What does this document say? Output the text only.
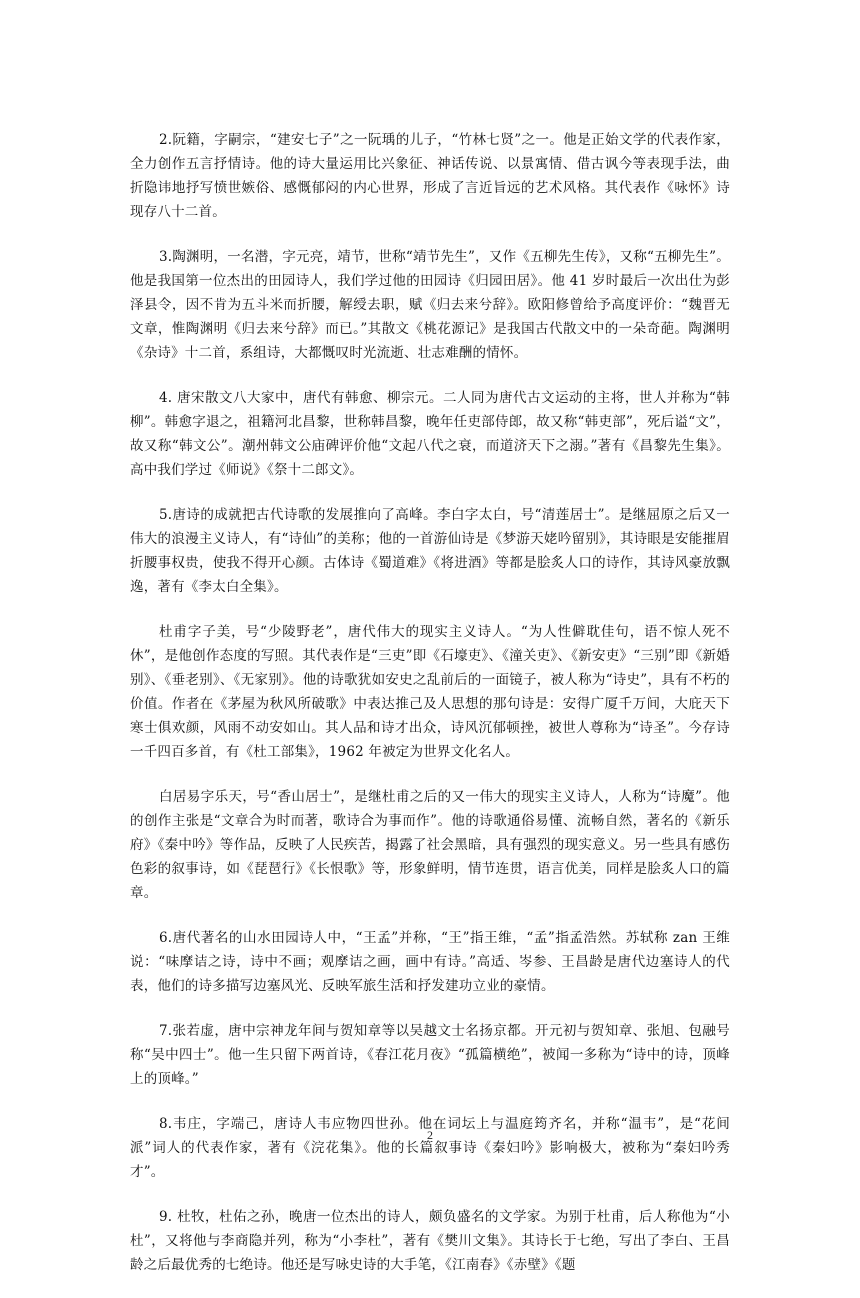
2.阮籍，字嗣宗，“建安七子”之一阮瑀的儿子，“竹林七贤”之一。他是正始文学的代表作家，全力创作五言抒情诗。他的诗大量运用比兴象征、神话传说、以景寓情、借古讽今等表现手法，曲折隐讳地抒写愤世嫉俗、感慨郁闷的内心世界，形成了言近旨远的艺术风格。其代表作《咏怀》诗现存八十二首。

3.陶渊明，一名潜，字元亮，靖节，世称“靖节先生”，又作《五柳先生传》，又称“五柳先生”。他是我国第一位杰出的田园诗人，我们学过他的田园诗《归园田居》。他 41 岁时最后一次出仕为彭泽县令，因不肯为五斗米而折腰，解绶去职，赋《归去来兮辞》。欧阳修曾给予高度评价：“魏晋无文章，惟陶渊明《归去来兮辞》而已。”其散文《桃花源记》是我国古代散文中的一朵奇葩。陶渊明《杂诗》十二首，系组诗，大都慨叹时光流逝、壮志难酬的情怀。

4. 唐宋散文八大家中，唐代有韩愈、柳宗元。二人同为唐代古文运动的主将，世人并称为“韩柳”。韩愈字退之，祖籍河北昌黎，世称韩昌黎，晚年任吏部侍郎，故又称“韩吏部”，死后谥“文”，故又称“韩文公”。潮州韩文公庙碑评价他“文起八代之衰，而道济天下之溺。”著有《昌黎先生集》。高中我们学过《师说》《祭十二郎文》。

5.唐诗的成就把古代诗歌的发展推向了高峰。李白字太白，号“清莲居士”。是继屈原之后又一伟大的浪漫主义诗人，有“诗仙”的美称；他的一首游仙诗是《梦游天姥吟留别》，其诗眼是安能摧眉折腰事权贵，使我不得开心颜。古体诗《蜀道难》《将进酒》等都是脍炙人口的诗作，其诗风豪放飘逸，著有《李太白全集》。

杜甫字子美，号“少陵野老”，唐代伟大的现实主义诗人。“为人性僻耽佳句，语不惊人死不休”，是他创作态度的写照。其代表作是“三吏”即《石壕吏》、《潼关吏》、《新安吏》“三别”即《新婚别》、《垂老别》、《无家别》。他的诗歌犹如安史之乱前后的一面镜子，被人称为“诗史”，具有不朽的价值。作者在《茅屋为秋风所破歌》中表达推己及人思想的那句诗是：安得广厦千万间，大庇天下寒士俱欢颜，风雨不动安如山。其人品和诗才出众，诗风沉郁顿挫，被世人尊称为“诗圣”。今存诗一千四百多首，有《杜工部集》，1962 年被定为世界文化名人。

白居易字乐天，号“香山居士”，是继杜甫之后的又一伟大的现实主义诗人，人称为“诗魔”。他的创作主张是“文章合为时而著，歌诗合为事而作”。他的诗歌通俗易懂、流畅自然，著名的《新乐府》《秦中吟》等作品，反映了人民疾苦，揭露了社会黑暗，具有强烈的现实意义。另一些具有感伤色彩的叙事诗，如《琵琶行》《长恨歌》等，形象鲜明，情节连贯，语言优美，同样是脍炙人口的篇章。

6.唐代著名的山水田园诗人中，“王孟”并称，“王”指王维，“孟”指孟浩然。苏轼称 zan 王维说：“味摩诘之诗，诗中不画；观摩诘之画，画中有诗。”高适、岑参、王昌龄是唐代边塞诗人的代表，他们的诗多描写边塞风光、反映军旅生活和抒发建功立业的豪情。

7.张若虚，唐中宗神龙年间与贺知章等以吴越文士名扬京都。开元初与贺知章、张旭、包融号称“吴中四士”。他一生只留下两首诗，《春江花月夜》“孤篇横绝”，被闻一多称为“诗中的诗，顶峰上的顶峰。”

8.韦庄，字端己，唐诗人韦应物四世孙。他在词坛上与温庭筠齐名，并称“温韦”，是“花间派”词人的代表作家，著有《浣花集》。他的长篇叙事诗《秦妇吟》影响极大，被称为“秦妇吟秀才”。

9. 杜牧，杜佑之孙，晚唐一位杰出的诗人，颇负盛名的文学家。为别于杜甫，后人称他为“小杜”，又将他与李商隐并列，称为“小李杜”，著有《樊川文集》。其诗长于七绝，写出了李白、王昌龄之后最优秀的七绝诗。他还是写咏史诗的大手笔，《江南春》《赤壁》《题

2
